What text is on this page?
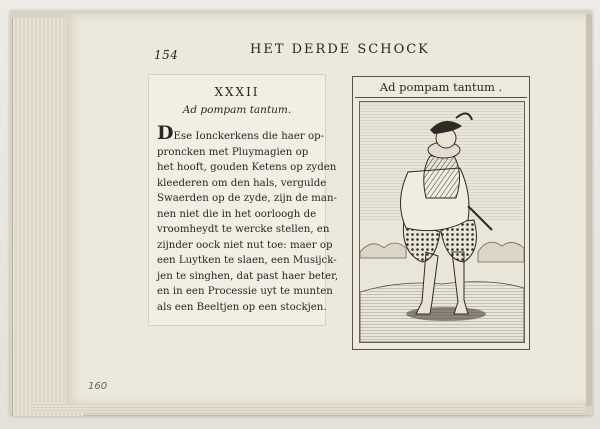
154	HET DERDE SCHOCK
XXXII
Ad pompam tantum.
DEse Ionckerkens die haer op-
proncken met Pluymagien op
het hooft, gouden Ketens op zyden
kleederen om den hals, vergulde
Swaerden op de zyde, zijn de man-
nen niet die in het oorloogh de
vroomheydt te wercke stellen, en
zijnder oock niet nut toe: maer op
een Luytken te slaen, een Musijck-
jen te singhen, dat past haer beter,
en in een Processie uyt te munten
als een Beeltjen op een stockjen.
Ad pompam tantum .
160
